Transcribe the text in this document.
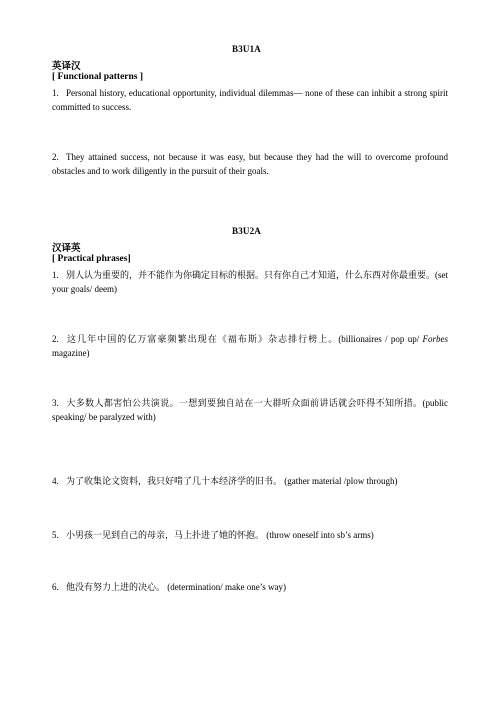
B3U1A
英译汉
[ Functional patterns ]
1. Personal history, educational opportunity, individual dilemmas— none of these can inhibit a strong spirit committed to success.
2. They attained success, not because it was easy, but because they had the will to overcome profound obstacles and to work diligently in the pursuit of their goals.
B3U2A
汉译英
[ Practical phrases]
1. 别人认为重要的，并不能作为你确定目标的根据。只有你自己才知道，什么东西对你最重要。(set your goals/ deem)
2. 这几年中国的亿万富豪频繁出现在《福布斯》杂志排行榜上。(billionaires / pop up/ Forbes magazine)
3. 大多数人都害怕公共演说。一想到要独自站在一大群听众面前讲话就会吓得不知所措。(public speaking/ be paralyzed with)
4. 为了收集论文资料，我只好啃了几十本经济学的旧书。 (gather material /plow through)
5. 小男孩一见到自己的母亲，马上扑进了她的怀抱。 (throw oneself into sb’s arms)
6. 他没有努力上进的决心。 (determination/ make one’s way)
